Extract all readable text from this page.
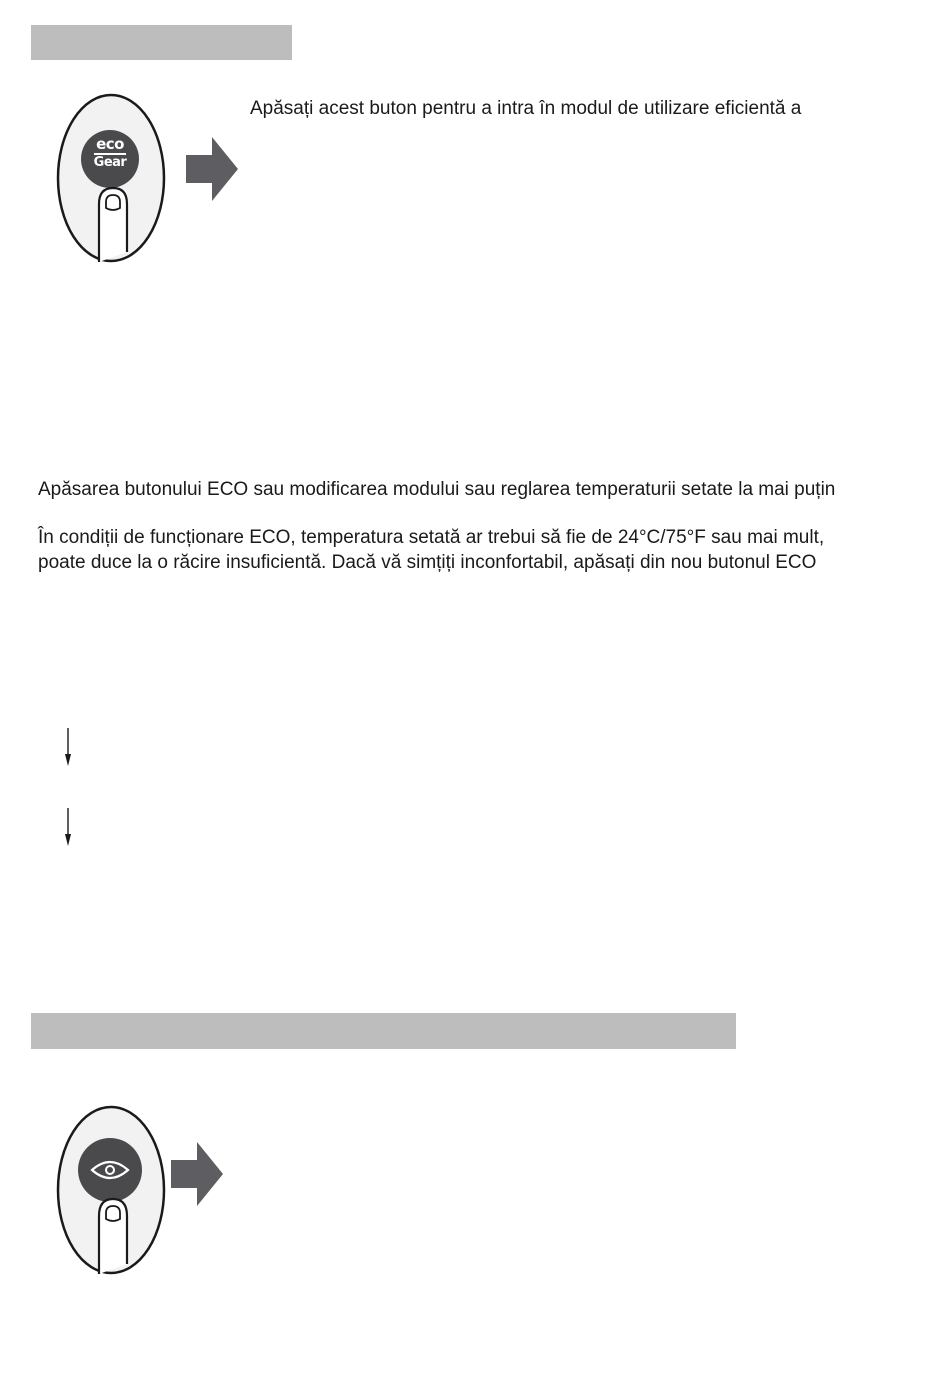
eco
Gear
Apăsați acest buton pentru a intra în modul de utilizare eficientă a
Apăsarea butonului ECO sau modificarea modului sau reglarea temperaturii setate la mai puțin
În condiții de funcționare ECO, temperatura setată ar trebui să fie de 24°C/75°F sau mai mult,
poate duce la o răcire insuficientă. Dacă vă simțiți inconfortabil, apăsați din nou butonul ECO
